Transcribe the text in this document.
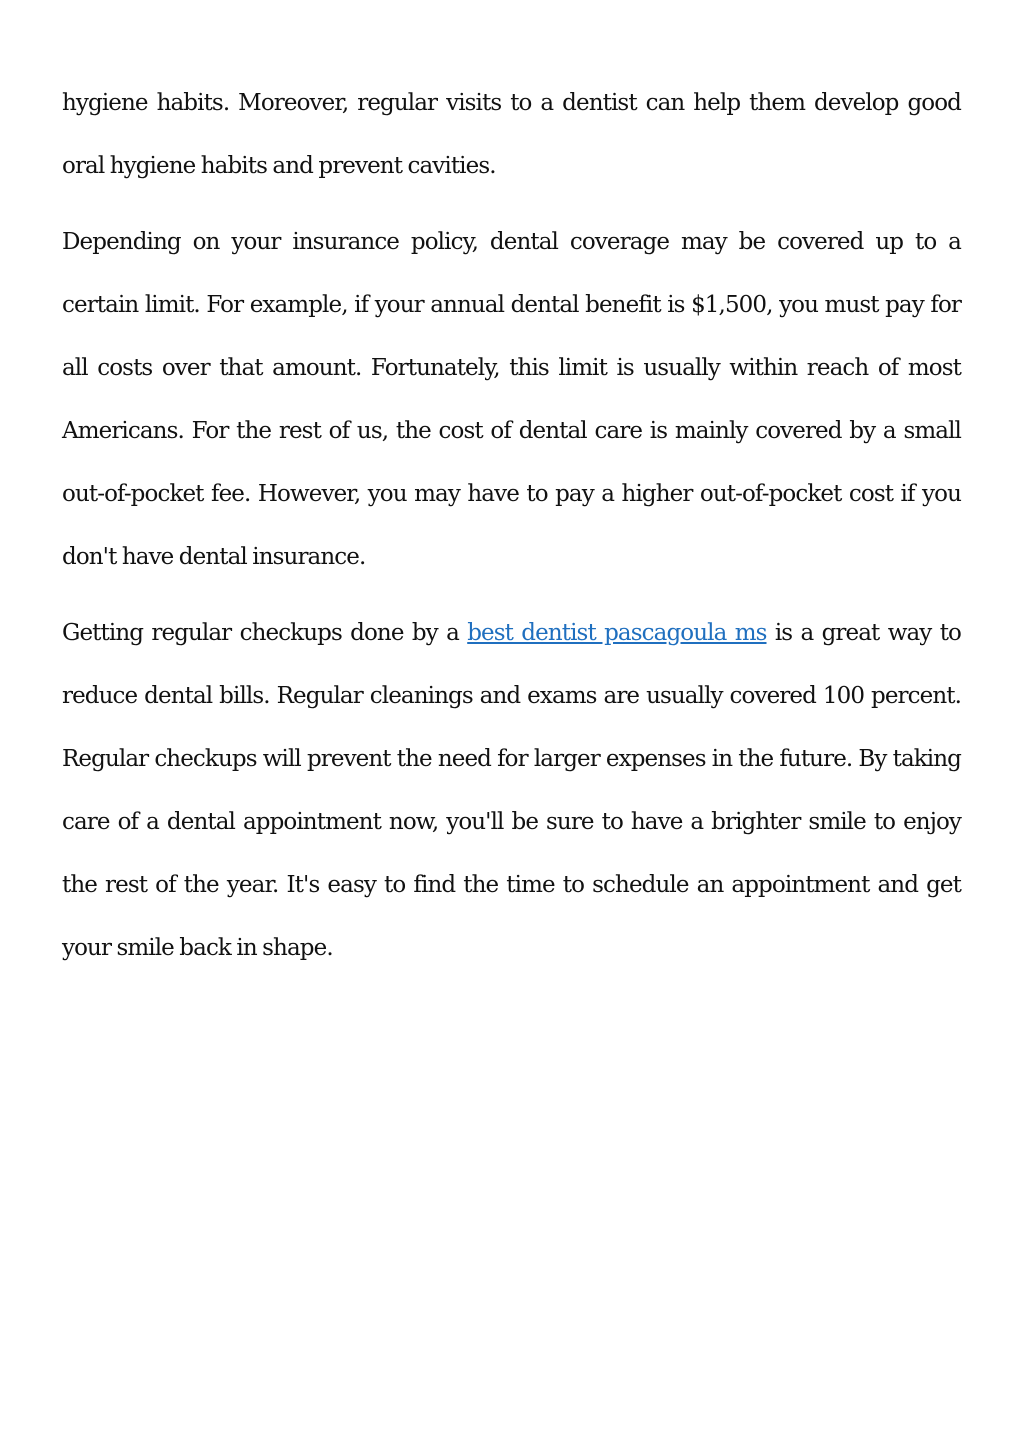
hygiene habits. Moreover, regular visits to a dentist can help them develop good oral hygiene habits and prevent cavities.

Depending on your insurance policy, dental coverage may be covered up to a certain limit. For example, if your annual dental benefit is $1,500, you must pay for all costs over that amount. Fortunately, this limit is usually within reach of most Americans. For the rest of us, the cost of dental care is mainly covered by a small out-of-pocket fee. However, you may have to pay a higher out-of-pocket cost if you don't have dental insurance.

Getting regular checkups done by a best dentist pascagoula ms is a great way to reduce dental bills. Regular cleanings and exams are usually covered 100 percent. Regular checkups will prevent the need for larger expenses in the future. By taking care of a dental appointment now, you'll be sure to have a brighter smile to enjoy the rest of the year. It's easy to find the time to schedule an appointment and get your smile back in shape.
